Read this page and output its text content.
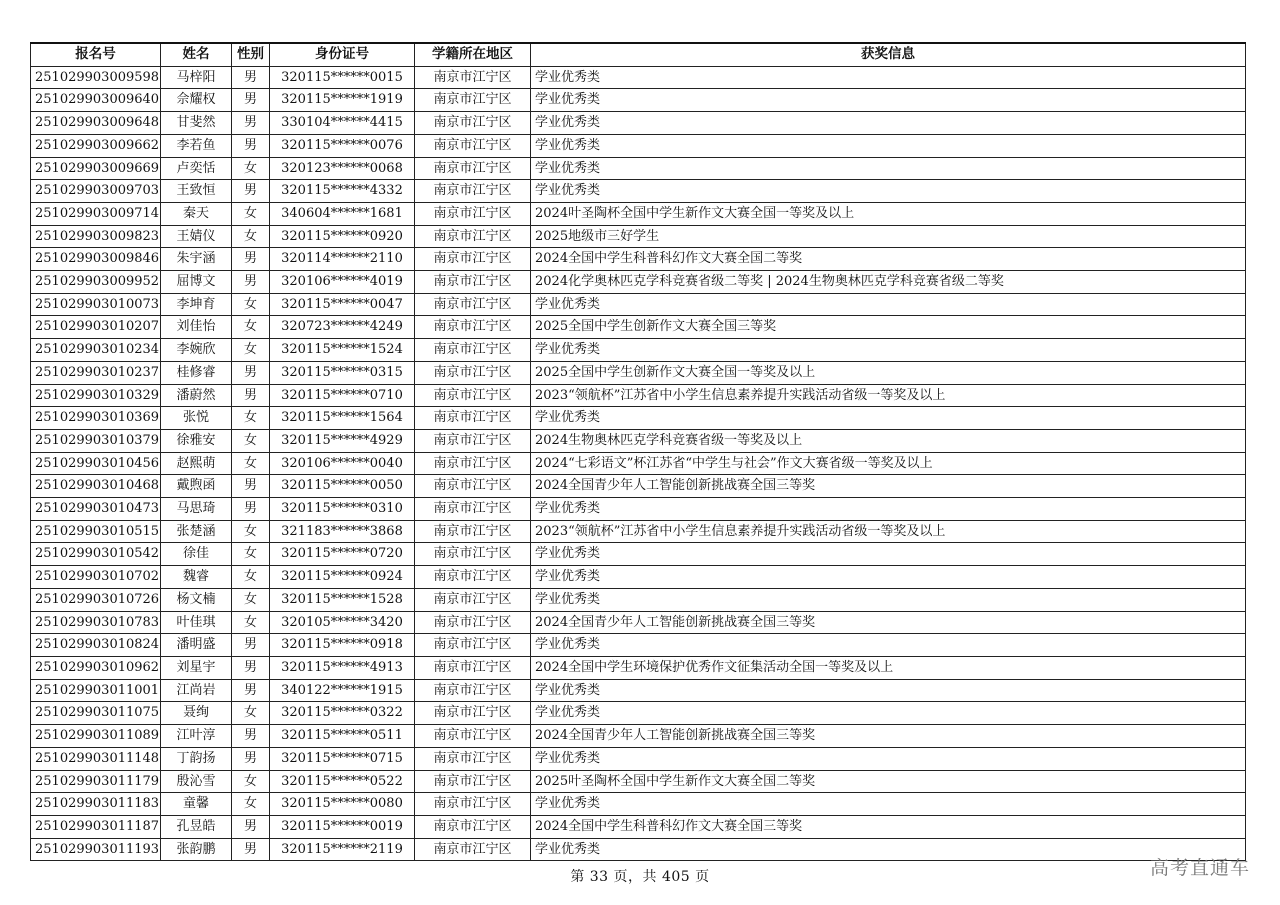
报名号	姓名	性别	身份证号	学籍所在地区	获奖信息
251029903009598	马梓阳	男	320115******0015	南京市江宁区	学业优秀类
251029903009640	佘耀权	男	320115******1919	南京市江宁区	学业优秀类
251029903009648	甘斐然	男	330104******4415	南京市江宁区	学业优秀类
251029903009662	李若鱼	男	320115******0076	南京市江宁区	学业优秀类
251029903009669	卢奕恬	女	320123******0068	南京市江宁区	学业优秀类
251029903009703	王致恒	男	320115******4332	南京市江宁区	学业优秀类
251029903009714	秦天	女	340604******1681	南京市江宁区	2024叶圣陶杯全国中学生新作文大赛全国一等奖及以上
251029903009823	王婧仪	女	320115******0920	南京市江宁区	2025地级市三好学生
251029903009846	朱宇涵	男	320114******2110	南京市江宁区	2024全国中学生科普科幻作文大赛全国二等奖
251029903009952	屈博文	男	320106******4019	南京市江宁区	2024化学奥林匹克学科竞赛省级二等奖 | 2024生物奥林匹克学科竞赛省级二等奖
251029903010073	李坤育	女	320115******0047	南京市江宁区	学业优秀类
251029903010207	刘佳怡	女	320723******4249	南京市江宁区	2025全国中学生创新作文大赛全国三等奖
251029903010234	李婉欣	女	320115******1524	南京市江宁区	学业优秀类
251029903010237	桂修睿	男	320115******0315	南京市江宁区	2025全国中学生创新作文大赛全国一等奖及以上
251029903010329	潘蔚然	男	320115******0710	南京市江宁区	2023“领航杯”江苏省中小学生信息素养提升实践活动省级一等奖及以上
251029903010369	张悦	女	320115******1564	南京市江宁区	学业优秀类
251029903010379	徐雅安	女	320115******4929	南京市江宁区	2024生物奥林匹克学科竞赛省级一等奖及以上
251029903010456	赵熙萌	女	320106******0040	南京市江宁区	2024“七彩语文”杯江苏省“中学生与社会”作文大赛省级一等奖及以上
251029903010468	戴煦函	男	320115******0050	南京市江宁区	2024全国青少年人工智能创新挑战赛全国三等奖
251029903010473	马思琦	男	320115******0310	南京市江宁区	学业优秀类
251029903010515	张楚涵	女	321183******3868	南京市江宁区	2023“领航杯”江苏省中小学生信息素养提升实践活动省级一等奖及以上
251029903010542	徐佳	女	320115******0720	南京市江宁区	学业优秀类
251029903010702	魏睿	女	320115******0924	南京市江宁区	学业优秀类
251029903010726	杨文楠	女	320115******1528	南京市江宁区	学业优秀类
251029903010783	叶佳琪	女	320105******3420	南京市江宁区	2024全国青少年人工智能创新挑战赛全国三等奖
251029903010824	潘明盛	男	320115******0918	南京市江宁区	学业优秀类
251029903010962	刘星宇	男	320115******4913	南京市江宁区	2024全国中学生环境保护优秀作文征集活动全国一等奖及以上
251029903011001	江尚岩	男	340122******1915	南京市江宁区	学业优秀类
251029903011075	聂绚	女	320115******0322	南京市江宁区	学业优秀类
251029903011089	江叶淳	男	320115******0511	南京市江宁区	2024全国青少年人工智能创新挑战赛全国三等奖
251029903011148	丁韵扬	男	320115******0715	南京市江宁区	学业优秀类
251029903011179	殷沁雪	女	320115******0522	南京市江宁区	2025叶圣陶杯全国中学生新作文大赛全国二等奖
251029903011183	童馨	女	320115******0080	南京市江宁区	学业优秀类
251029903011187	孔昱皓	男	320115******0019	南京市江宁区	2024全国中学生科普科幻作文大赛全国三等奖
251029903011193	张韵鹏	男	320115******2119	南京市江宁区	学业优秀类
第 33 页，共 405 页	高考直通车
